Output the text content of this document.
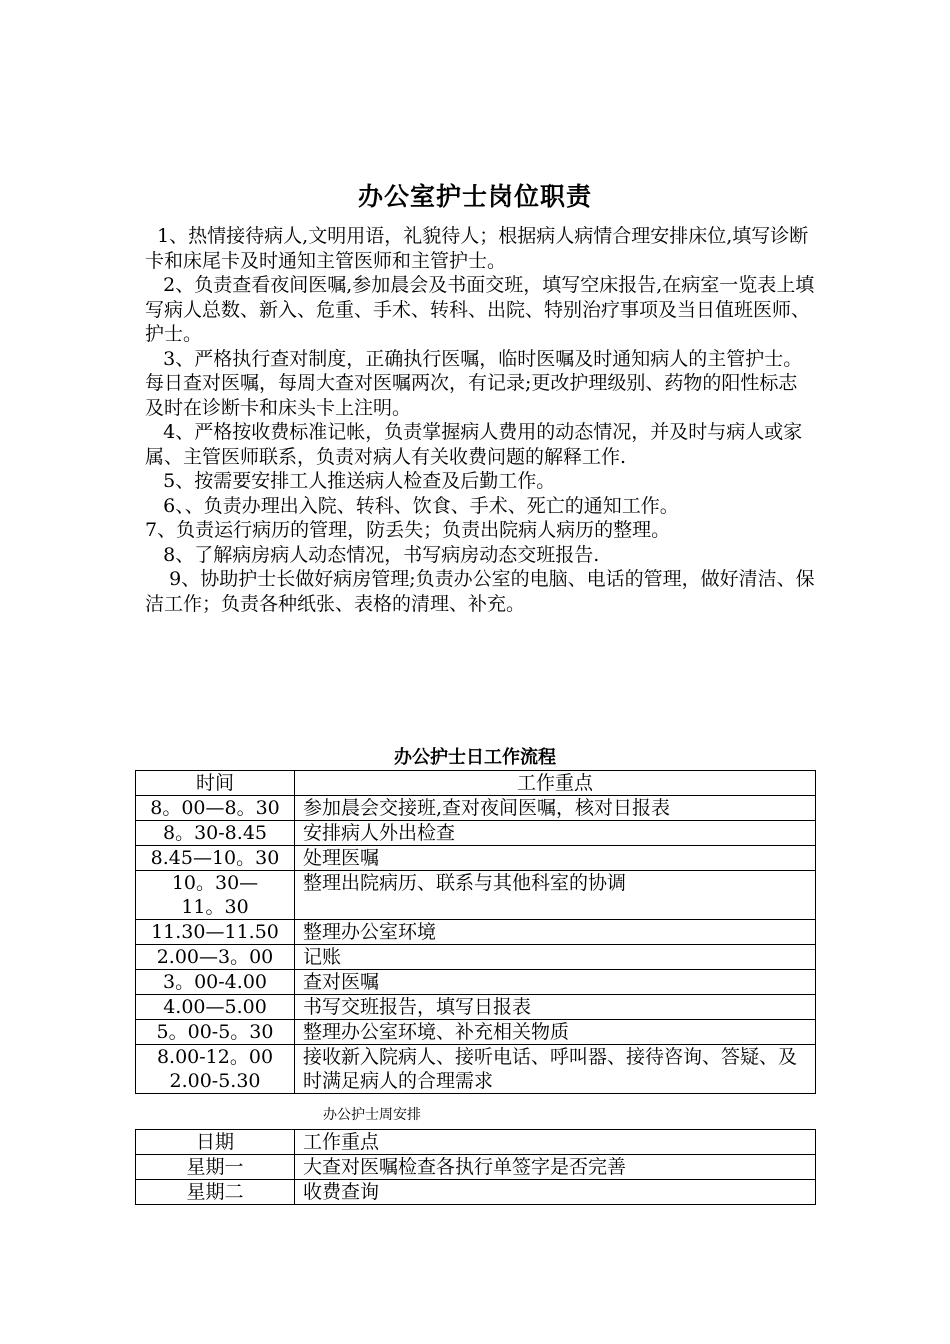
办公室护士岗位职责

1、热情接待病人,文明用语，礼貌待人；根据病人病情合理安排床位,填写诊断卡和床尾卡及时通知主管医师和主管护士。

2、负责查看夜间医嘱,参加晨会及书面交班，填写空床报告,在病室一览表上填写病人总数、新入、危重、手术、转科、出院、特别治疗事项及当日值班医师、护士。

3、严格执行查对制度，正确执行医嘱，临时医嘱及时通知病人的主管护士。每日查对医嘱，每周大查对医嘱两次，有记录;更改护理级别、药物的阳性标志及时在诊断卡和床头卡上注明。

4、严格按收费标准记帐，负责掌握病人费用的动态情况，并及时与病人或家属、主管医师联系，负责对病人有关收费问题的解释工作.

5、按需要安排工人推送病人检查及后勤工作。

6、、负责办理出入院、转科、饮食、手术、死亡的通知工作。

7、负责运行病历的管理，防丢失；负责出院病人病历的整理。

8、了解病房病人动态情况，书写病房动态交班报告.

9、协助护士长做好病房管理;负责办公室的电脑、电话的管理，做好清洁、保洁工作；负责各种纸张、表格的清理、补充。

办公护士日工作流程
时间	工作重点

8。00—8。30	参加晨会交接班,查对夜间医嘱，核对日报表

8。30-8.45	安排病人外出检查

8.45—10。30	处理医嘱

10。30—
11。30	整理出院病历、联系与其他科室的协调

11.30—11.50	整理办公室环境

2.00—3。00	记账

3。00-4.00	查对医嘱

4.00—5.00	书写交班报告，填写日报表

5。00-5。30	整理办公室环境、补充相关物质

8.00-12。00
2.00-5.30	接收新入院病人、接听电话、呼叫器、接待咨询、答疑、及时满足病人的合理需求
办公护士周安排
日期	工作重点
星期一	大查对医嘱检查各执行单签字是否完善
星期二	收费查询
